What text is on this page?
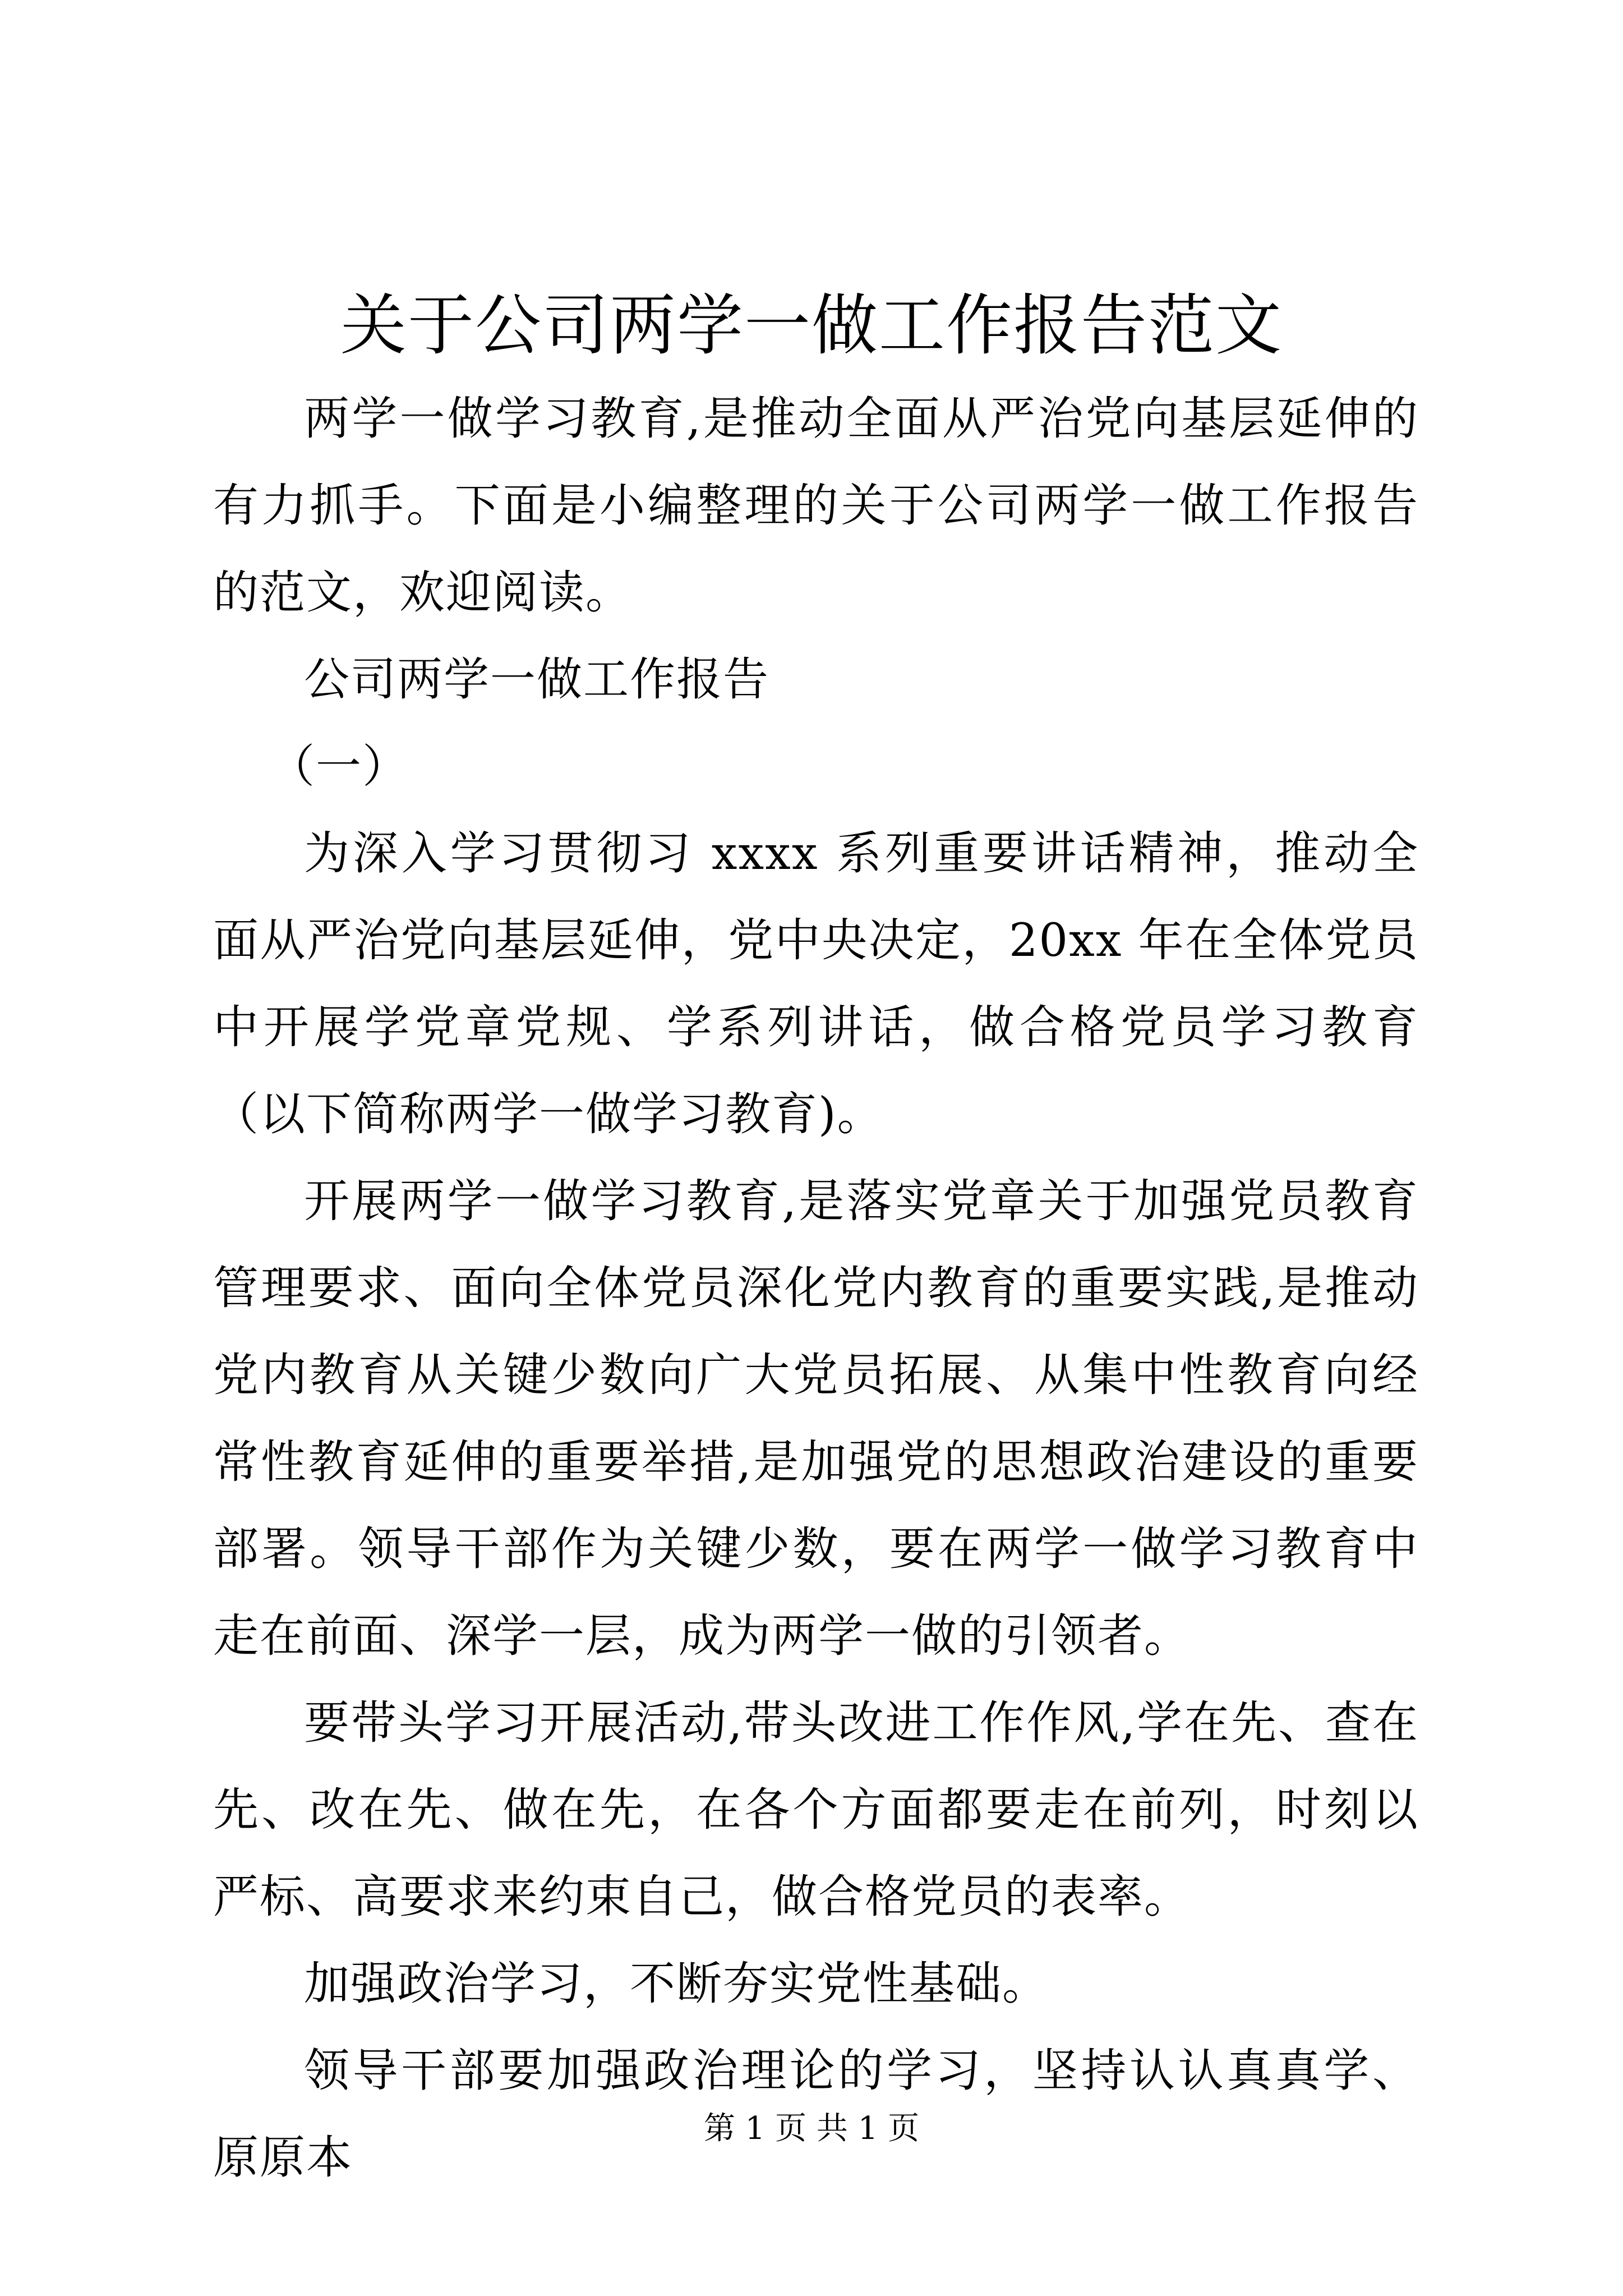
关于公司两学一做工作报告范文

两学一做学习教育,是推动全面从严治党向基层延伸的有力抓手。下面是小编整理的关于公司两学一做工作报告的范文，欢迎阅读。

公司两学一做工作报告

（一）

为深入学习贯彻习 xxxx 系列重要讲话精神，推动全面从严治党向基层延伸，党中央决定，20xx 年在全体党员中开展学党章党规、学系列讲话，做合格党员学习教育（以下简称两学一做学习教育)。

开展两学一做学习教育,是落实党章关于加强党员教育管理要求、面向全体党员深化党内教育的重要实践,是推动党内教育从关键少数向广大党员拓展、从集中性教育向经常性教育延伸的重要举措,是加强党的思想政治建设的重要部署。领导干部作为关键少数，要在两学一做学习教育中走在前面、深学一层，成为两学一做的引领者。

要带头学习开展活动,带头改进工作作风,学在先、查在先、改在先、做在先，在各个方面都要走在前列，时刻以严标、高要求来约束自己，做合格党员的表率。

加强政治学习，不断夯实党性基础。

领导干部要加强政治理论的学习，坚持认认真真学、原原本

第 1 页 共 1 页
